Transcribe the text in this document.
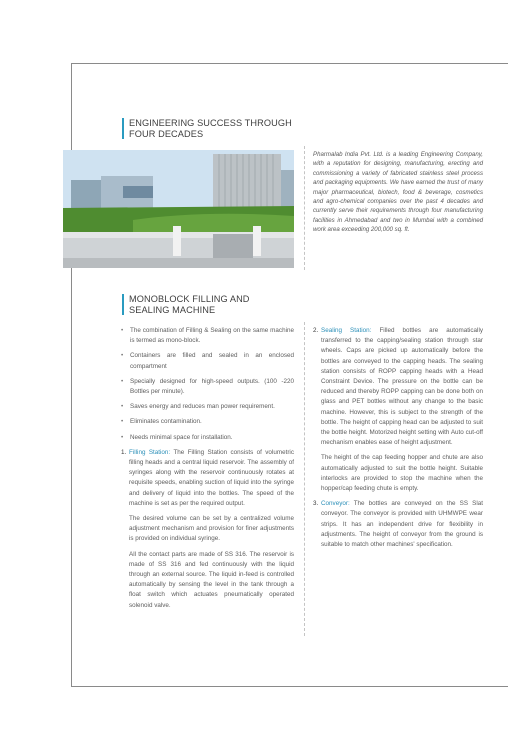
ENGINEERING SUCCESS THROUGH
FOUR DECADES

Pharmalab India Pvt. Ltd. is a leading Engineering Company, with a reputation for designing, manufacturing, erecting and commissioning a variety of fabricated stainless steel process and packaging equipments. We have earned the trust of many major pharmaceutical, biotech, food & beverage, cosmetics and agro-chemical companies over the past 4 decades and currently serve their requirements through four manufacturing facilities in Ahmedabad and two in Mumbai with a combined work area exceeding 200,000 sq. ft.

MONOBLOCK FILLING AND
SEALING MACHINE
• The combination of Filling & Sealing on the same machine is termed as mono-block.
• Containers are filled and sealed in an enclosed compartment
• Specially designed for high-speed outputs. (100 -220 Bottles per minute).
• Saves energy and reduces man power requirement.
• Eliminates contamination.
• Needs minimal space for installation.

1. Filling Station: The Filling Station consists of volumetric filling heads and a central liquid reservoir. The assembly of syringes along with the reservoir continuously rotates at requisite speeds, enabling suction of liquid into the syringe and delivery of liquid into the bottles. The speed of the machine is set as per the required output.

The desired volume can be set by a centralized volume adjustment mechanism and provision for finer adjustments is provided on individual syringe.

All the contact parts are made of SS 316. The reservoir is made of SS 316 and fed continuously with the liquid through an external source. The liquid in-feed is controlled automatically by sensing the level in the tank through a float switch which actuates pneumatically operated solenoid valve.

2. Sealing Station: Filled bottles are automatically transferred to the capping/sealing station through star wheels. Caps are picked up automatically before the bottles are conveyed to the capping heads. The sealing station consists of ROPP capping heads with a Head Constraint Device. The pressure on the bottle can be reduced and thereby ROPP capping can be done both on glass and PET bottles without any change to the basic machine. However, this is subject to the strength of the bottle. The height of capping head can be adjusted to suit the bottle height. Motorized height setting with Auto cut-off mechanism enables ease of height adjustment.

The height of the cap feeding hopper and chute are also automatically adjusted to suit the bottle height. Suitable interlocks are provided to stop the machine when the hopper/cap feeding chute is empty.

3. Conveyor: The bottles are conveyed on the SS Slat conveyor. The conveyor is provided with UHMWPE wear strips. It has an independent drive for flexibility in adjustments. The height of conveyor from the ground is suitable to match other machines' specification.
